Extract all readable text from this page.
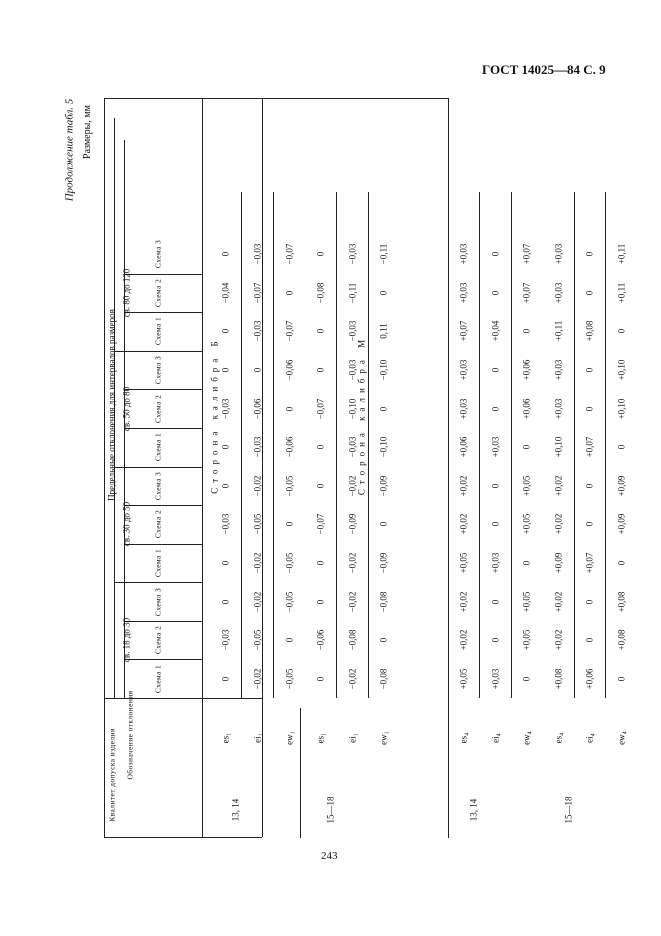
ГОСТ 14025—84 С. 9
243
Продолжение табл. 5 Размеры, мм
Квалитет допуска изделия Обозначение отклонения
Предельные отклонения для интервалов размеров
св. 18 до 30
св. 30 до 50
св. 50 до 80
св. 80 до 120
Схема 1
Схема 2
Схема 3
Схема 1
Схема 2
Схема 3
Схема 1
Схема 2
Схема 3
Схема 1
Схема 2
Схема 3
Сторона калибра Б	Сторона калибра М
13, 14
es₁
0
−0,03
0
0
−0,03
0
0
−0,03
0
0
−0,04
0
ei₁
−0,02
−0,05
−0,02
−0,02
−0,05
−0,02
−0,03
−0,06
0
−0,03
−0,07
−0,03
ew₁
−0,05
0
−0,05
−0,05
0
−0,05
−0,06
0
−0,06
−0,07
0
−0,07
15—18
es₁
0
−0,06
0
0
−0,07
0
0
−0,07
0
0
−0,08
0
ei₁
−0,02
−0,08
−0,02
−0,02
−0,09
−0,02
−0,03
−0,10
−0,03
−0,03
−0,11
−0,03
ew₁
−0,08
0
−0,08
−0,09
0
−0,09
−0,10
0
−0,10
0,11
0
−0,11
13, 14
es₄
+0,05
+0,02
+0,02
+0,05
+0,02
+0,02
+0,06
+0,03
+0,03
+0,07
+0,03
+0,03
ei₄
+0,03
0
0
+0,03
0
0
+0,03
0
0
+0,04
0
0
ew₄
0
+0,05
+0,05
0
+0,05
+0,05
0
+0,06
+0,06
0
+0,07
+0,07
15—18
es₄
+0,08
+0,02
+0,02
+0,09
+0,02
+0,02
+0,10
+0,03
+0,03
+0,11
+0,03
+0,03
ei₄
+0,06
0
0
+0,07
0
0
+0,07
0
0
+0,08
0
0
ew₄
0
+0,08
+0,08
0
+0,09
+0,09
0
+0,10
+0,10
0
+0,11
+0,11
